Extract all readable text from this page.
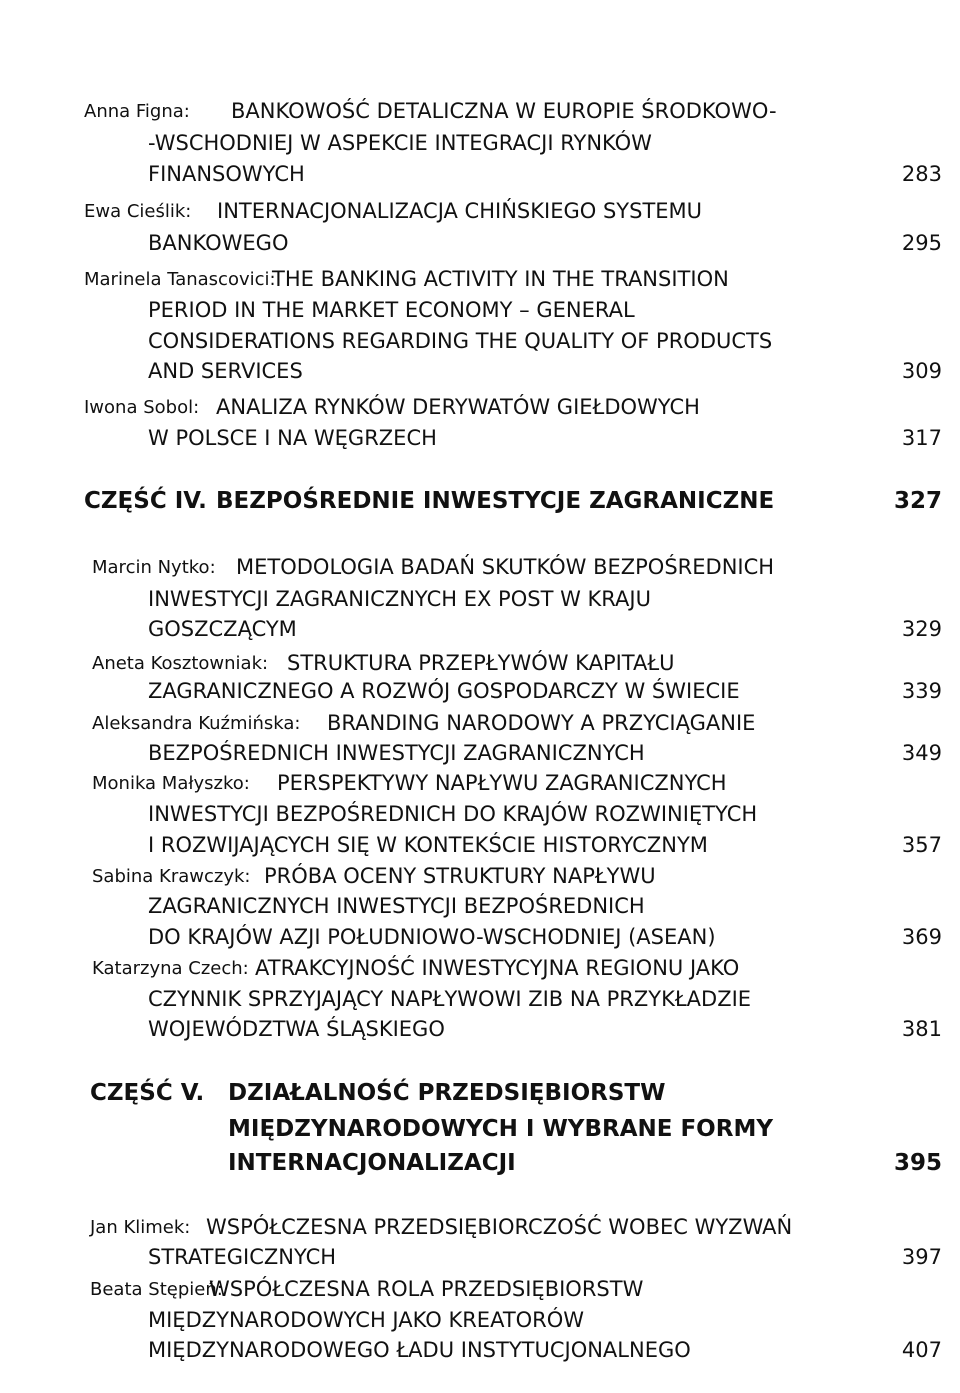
Anna Figna: BANKOWOŚĆ DETALICZNA W EUROPIE ŚRODKOWO-
-WSCHODNIEJ W ASPEKCIE INTEGRACJI RYNKÓW
FINANSOWYCH	283
Ewa Cieślik: INTERNACJONALIZACJA CHIŃSKIEGO SYSTEMU
BANKOWEGO	295
Marinela Tanascovici:
THE BANKING ACTIVITY IN THE TRANSITION
PERIOD IN THE MARKET ECONOMY – GENERAL
CONSIDERATIONS REGARDING THE QUALITY OF PRODUCTS
AND SERVICES	309
Iwona Sobol: ANALIZA RYNKÓW DERYWATÓW GIEŁDOWYCH
W POLSCE I NA WĘGRZECH	317
CZĘŚĆ IV. BEZPOŚREDNIE INWESTYCJE ZAGRANICZNE	327
Marcin Nytko: METODOLOGIA BADAŃ SKUTKÓW BEZPOŚREDNICH
INWESTYCJI ZAGRANICZNYCH EX POST W KRAJU
GOSZCZĄCYM	329
Aneta Kosztowniak: STRUKTURA PRZEPŁYWÓW KAPITAŁU
ZAGRANICZNEGO A ROZWÓJ GOSPODARCZY W ŚWIECIE	339
Aleksandra Kuźmińska: BRANDING NARODOWY A PRZYCIĄGANIE
BEZPOŚREDNICH INWESTYCJI ZAGRANICZNYCH	349
Monika Małyszko: PERSPEKTYWY NAPŁYWU ZAGRANICZNYCH
INWESTYCJI BEZPOŚREDNICH DO KRAJÓW ROZWINIĘTYCH
I ROZWIJAJĄCYCH SIĘ W KONTEKŚCIE HISTORYCZNYM	357
Sabina Krawczyk: PRÓBA OCENY STRUKTURY NAPŁYWU
ZAGRANICZNYCH INWESTYCJI BEZPOŚREDNICH
DO KRAJÓW AZJI POŁUDNIOWO-WSCHODNIEJ (ASEAN)	369
Katarzyna Czech: ATRAKCYJNOŚĆ INWESTYCYJNA REGIONU JAKO
CZYNNIK SPRZYJAJĄCY NAPŁYWOWI ZIB NA PRZYKŁADZIE
WOJEWÓDZTWA ŚLĄSKIEGO	381
CZĘŚĆ V. DZIAŁALNOŚĆ PRZEDSIĘBIORSTW
MIĘDZYNARODOWYCH I WYBRANE FORMY
INTERNACJONALIZACJI	395
Jan Klimek: WSPÓŁCZESNA PRZEDSIĘBIORCZOŚĆ WOBEC WYZWAŃ
STRATEGICZNYCH	397
Beata Stępień:
WSPÓŁCZESNA ROLA PRZEDSIĘBIORSTW
MIĘDZYNARODOWYCH JAKO KREATORÓW
MIĘDZYNARODOWEGO ŁADU INSTYTUCJONALNEGO	407
